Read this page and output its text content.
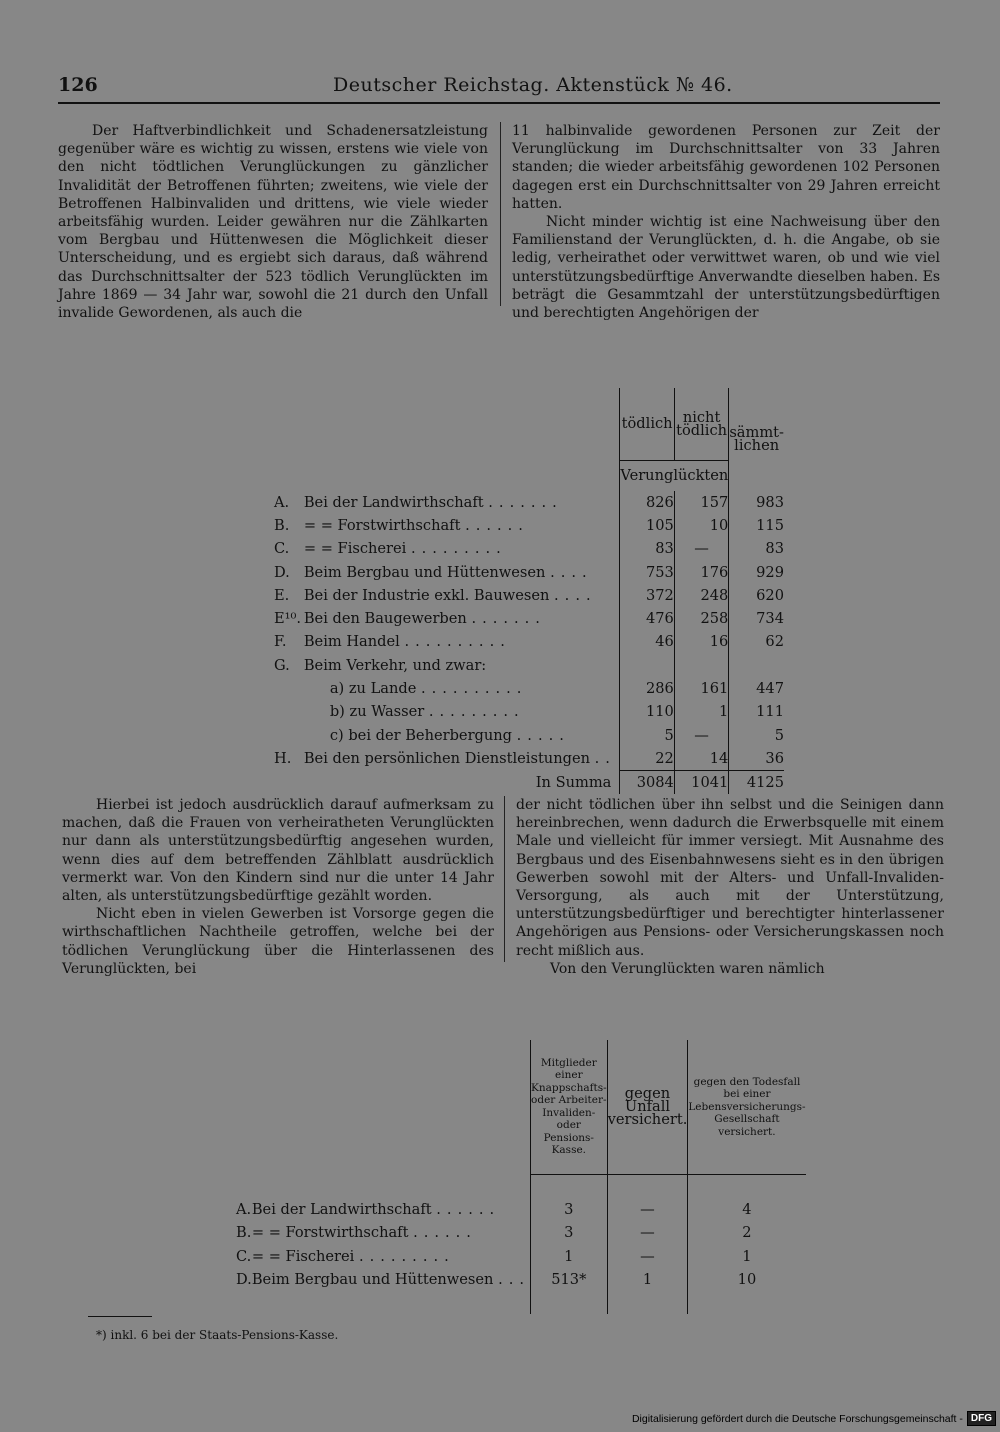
126	Deutscher Reichstag. Aktenstück № 46.

Der Haftverbindlichkeit und Schadenersatzleistung gegenüber wäre es wichtig zu wissen, erstens wie viele von den nicht tödtlichen Verunglückungen zu gänzlicher Invalidität der Betroffenen führten; zweitens, wie viele der Betroffenen Halbinvaliden und drittens, wie viele wieder arbeitsfähig wurden. Leider gewähren nur die Zählkarten vom Bergbau und Hüttenwesen die Möglichkeit dieser Unterscheidung, und es ergiebt sich daraus, daß während das Durchschnittsalter der 523 tödlich Verunglückten im Jahre 1869 — 34 Jahr war, sowohl die 21 durch den Unfall invalide Gewordenen, als auch die

11 halbinvalide gewordenen Personen zur Zeit der Verunglückung im Durchschnittsalter von 33 Jahren standen; die wieder arbeitsfähig gewordenen 102 Personen dagegen erst ein Durchschnittsalter von 29 Jahren erreicht hatten.

Nicht minder wichtig ist eine Nachweisung über den Familienstand der Verunglückten, d. h. die Angabe, ob sie ledig, verheirathet oder verwittwet waren, ob und wie viel unterstützungsbedürftige Anverwandte dieselben haben. Es beträgt die Gesammtzahl der unterstützungsbedürftigen und berechtigten Angehörigen der

		tödlich	nicht tödlich	sämmt-lichen
		Verunglückten		
A.	Bei der Landwirthschaft .......	826	157	983
B.	= = Forstwirthschaft ......	105	10	115
C.	= = Fischerei .........	83	—	83
D.	Beim Bergbau und Hüttenwesen ....	753	176	929
E.	Bei der Industrie exkl. Bauwesen ....	372	248	620
E¹⁰.	Bei den Baugewerben .......	476	258	734
F.	Beim Handel ..........	46	16	62
G.	Beim Verkehr, und zwar:			
	a) zu Lande ..........	286	161	447
	b) zu Wasser .........	110	1	111
	c) bei der Beherbergung .....	5	—	5
H.	Bei den persönlichen Dienstleistungen ..	22	14	36
	In Summa	3084	1041	4125

Hierbei ist jedoch ausdrücklich darauf aufmerksam zu machen, daß die Frauen von verheiratheten Verunglückten nur dann als unterstützungsbedürftig angesehen wurden, wenn dies auf dem betreffenden Zählblatt ausdrücklich vermerkt war. Von den Kindern sind nur die unter 14 Jahr alten, als unterstützungsbedürftige gezählt worden.

Nicht eben in vielen Gewerben ist Vorsorge gegen die wirthschaftlichen Nachtheile getroffen, welche bei der tödlichen Verunglückung über die Hinterlassenen des Verunglückten, bei

der nicht tödlichen über ihn selbst und die Seinigen dann hereinbrechen, wenn dadurch die Erwerbsquelle mit einem Male und vielleicht für immer versiegt. Mit Ausnahme des Bergbaus und des Eisenbahnwesens sieht es in den übrigen Gewerben sowohl mit der Alters- und Unfall-Invaliden-Versorgung, als auch mit der Unterstützung, unterstützungsbedürftiger und berechtigter hinterlassener Angehörigen aus Pensions- oder Versicherungskassen noch recht mißlich aus.

Von den Verunglückten waren nämlich

		Mitglieder einer Knappschafts- oder Arbeiter-Invaliden- oder Pensions-Kasse.	gegen Unfall versichert.	gegen den Todesfall bei einer Lebensversicherungs-Gesellschaft versichert.

A.	Bei der Landwirthschaft ......	3	—	4
B.	= = Forstwirthschaft ......	3	—	2
C.	= = Fischerei .........	1	—	1
D.	Beim Bergbau und Hüttenwesen ...	513*	1	10

*) inkl. 6 bei der Staats-Pensions-Kasse.
Digitalisierung gefördert durch die Deutsche Forschungsgemeinschaft - DFG
